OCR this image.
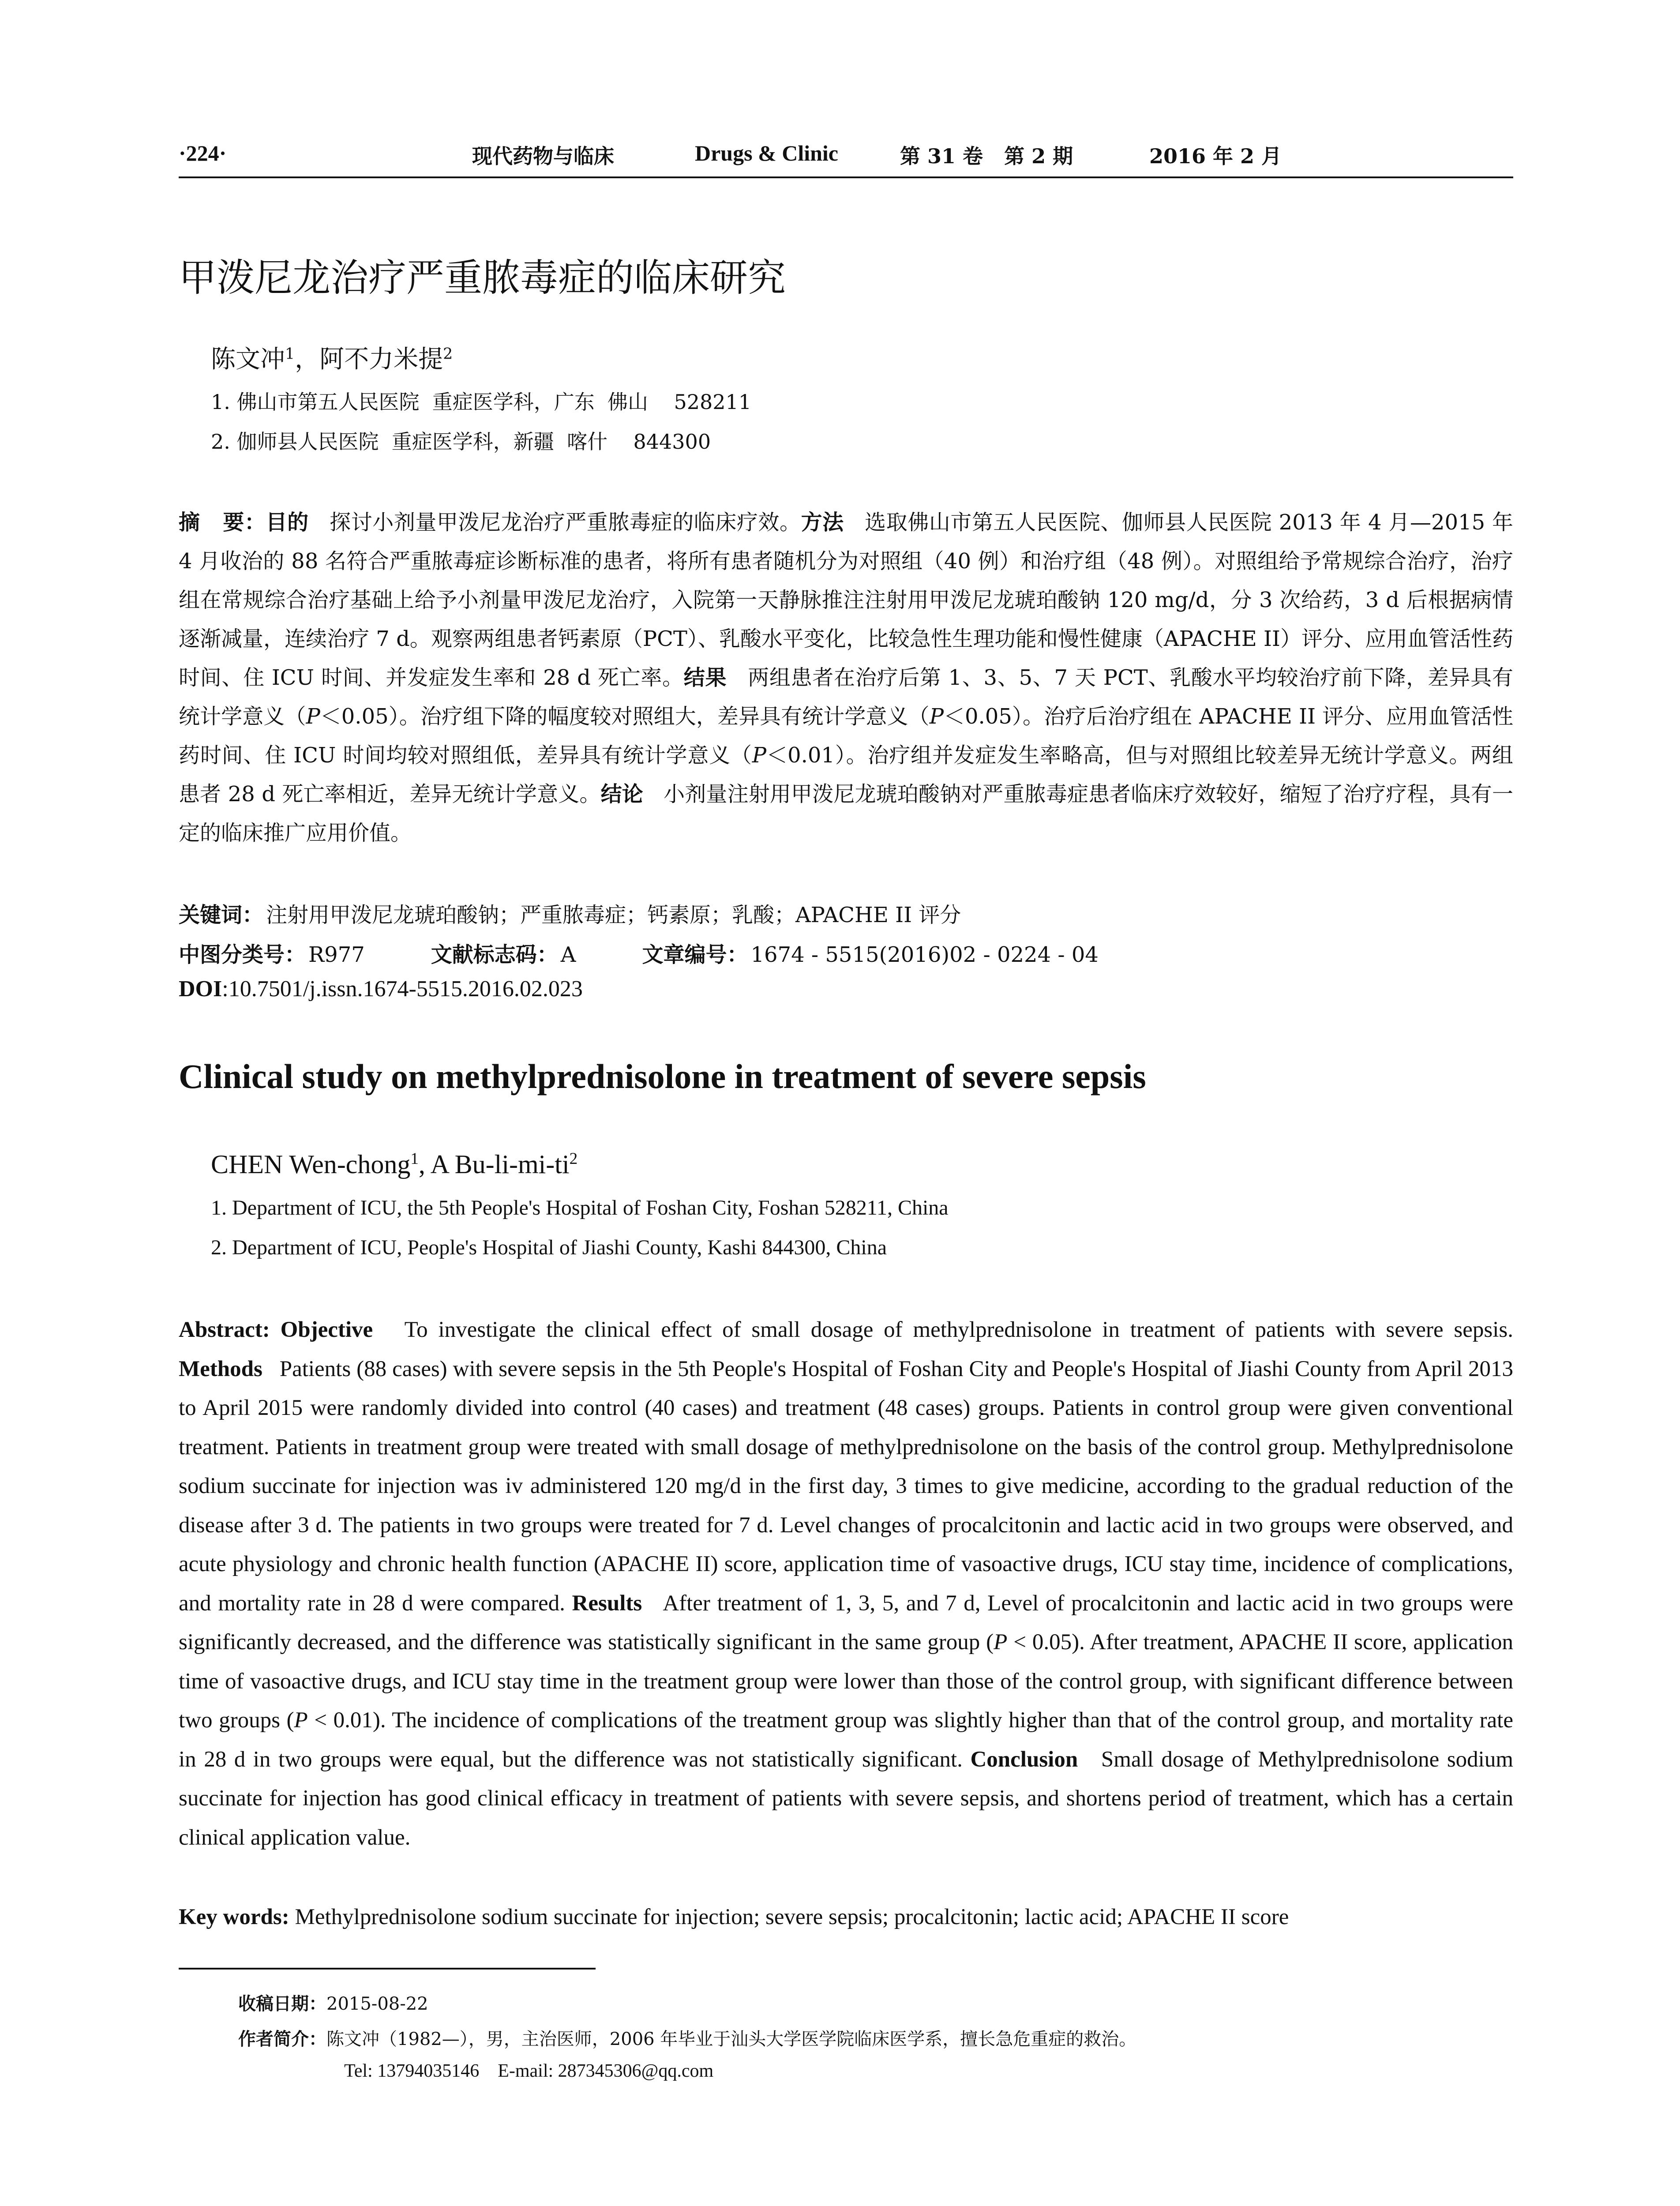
·224·	现代药物与临床	Drugs & Clinic	第 31 卷   第 2 期	2016 年 2 月
甲泼尼龙治疗严重脓毒症的临床研究
陈文冲$^1$，阿不力米提$^2$
1. 佛山市第五人民医院  重症医学科，广东  佛山    528211
2. 伽师县人民医院  重症医学科，新疆  喀什    844300

摘   要：目的 探讨小剂量甲泼尼龙治疗严重脓毒症的临床疗效。方法 选取佛山市第五人民医院、伽师县人民医院 2013 年 4 月—2015 年 4 月收治的 88 名符合严重脓毒症诊断标准的患者，将所有患者随机分为对照组（40 例）和治疗组（48 例）。对照组给予常规综合治疗，治疗组在常规综合治疗基础上给予小剂量甲泼尼龙治疗，入院第一天静脉推注注射用甲泼尼龙琥珀酸钠 120 mg/d，分 3 次给药，3 d 后根据病情逐渐减量，连续治疗 7 d。观察两组患者钙素原（PCT）、乳酸水平变化，比较急性生理功能和慢性健康（APACHE II）评分、应用血管活性药时间、住 ICU 时间、并发症发生率和 28 d 死亡率。结果 两组患者在治疗后第 1、3、5、7 天 PCT、乳酸水平均较治疗前下降，差异具有统计学意义（P＜0.05）。治疗组下降的幅度较对照组大，差异具有统计学意义（P＜0.05）。治疗后治疗组在 APACHE II 评分、应用血管活性药时间、住 ICU 时间均较对照组低，差异具有统计学意义（P＜0.01）。治疗组并发症发生率略高，但与对照组比较差异无统计学意义。两组患者 28 d 死亡率相近，差异无统计学意义。结论 小剂量注射用甲泼尼龙琥珀酸钠对严重脓毒症患者临床疗效较好，缩短了治疗疗程，具有一定的临床推广应用价值。

关键词： 注射用甲泼尼龙琥珀酸钠；严重脓毒症；钙素原；乳酸；APACHE II 评分
中图分类号： R977	文献标志码： A	文章编号： 1674 - 5515(2016)02 - 0224 - 04
DOI:10.7501/j.issn.1674-5515.2016.02.023
Clinical study on methylprednisolone in treatment of severe sepsis
CHEN Wen-chong$^1$, A $Bu-li-mi-ti^2$
1. Department of ICU, the 5th People's Hospital of Foshan City, Foshan 528211, China
2. Department of ICU, People's Hospital of Jiashi County, Kashi 844300, China

Abstract: Objective To investigate the clinical effect of small dosage of methylprednisolone in treatment of patients with severe sepsis. Methods Patients (88 cases) with severe sepsis in the 5th People's Hospital of Foshan City and People's Hospital of Jiashi County from April 2013 to April 2015 were randomly divided into control (40 cases) and treatment (48 cases) groups. Patients in control group were given conventional treatment. Patients in treatment group were treated with small dosage of methylprednisolone on the basis of the control group. Methylprednisolone sodium succinate for injection was iv administered 120 mg/d in the first day, 3 times to give medicine, according to the gradual reduction of the disease after 3 d. The patients in two groups were treated for 7 d. Level changes of procalcitonin and lactic acid in two groups were observed, and acute physiology and chronic health function (APACHE II) score, application time of vasoactive drugs, ICU stay time, incidence of complications, and mortality rate in 28 d were compared. Results After treatment of 1, 3, 5, and 7 d, Level of procalcitonin and lactic acid in two groups were significantly decreased, and the difference was statistically significant in the same group (P < 0.05). After treatment, APACHE II score, application time of vasoactive drugs, and ICU stay time in the treatment group were lower than those of the control group, with significant difference between two groups (P < 0.01). The incidence of complications of the treatment group was slightly higher than that of the control group, and mortality rate in 28 d in two groups were equal, but the difference was not statistically significant. Conclusion Small dosage of Methylprednisolone sodium succinate for injection has good clinical efficacy in treatment of patients with severe sepsis, and shortens period of treatment, which has a certain clinical application value.

Key words: Methylprednisolone sodium succinate for injection; severe sepsis; procalcitonin; lactic acid; APACHE II score
收稿日期：2015-08-22
作者简介：陈文冲（1982—），男，主治医师，2006 年毕业于汕头大学医学院临床医学系，擅长急危重症的救治。
Tel: 13794035146    E-mail: 287345306@qq.com
